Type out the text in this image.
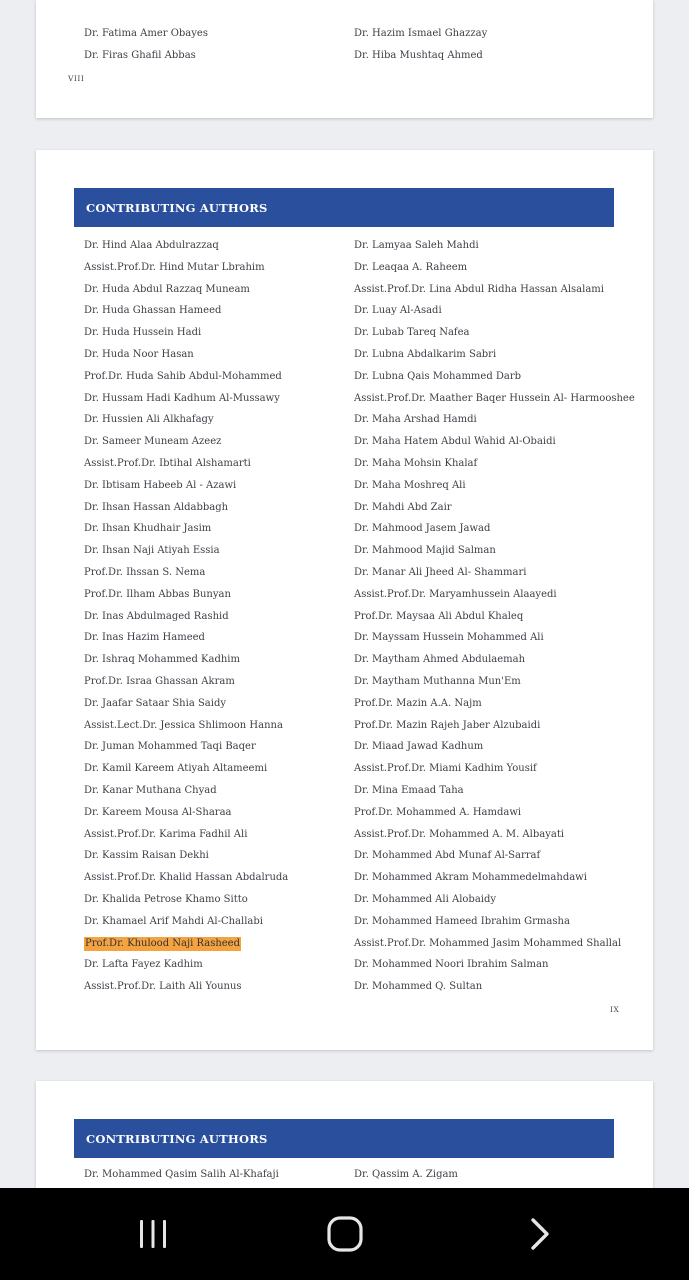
Dr. Fatima Amer Obayes
Dr. Firas Ghafil Abbas
Dr. Hazim Ismael Ghazzay
Dr. Hiba Mushtaq Ahmed
VIII
CONTRIBUTING AUTHORS
Dr. Hind Alaa Abdulrazzaq
Assist.Prof.Dr. Hind Mutar Lbrahim
Dr. Huda Abdul Razzaq Muneam
Dr. Huda Ghassan Hameed
Dr. Huda Hussein Hadi
Dr. Huda Noor Hasan
Prof.Dr. Huda Sahib Abdul-Mohammed
Dr. Hussam Hadi Kadhum Al-Mussawy
Dr. Hussien Ali Alkhafagy
Dr. Sameer Muneam Azeez
Assist.Prof.Dr. Ibtihal Alshamarti
Dr. Ibtisam Habeeb Al - Azawi
Dr. Ihsan Hassan Aldabbagh
Dr. Ihsan Khudhair Jasim
Dr. Ihsan Naji Atiyah Essia
Prof.Dr. Ihssan S. Nema
Prof.Dr. Ilham Abbas Bunyan
Dr. Inas Abdulmaged Rashid
Dr. Inas Hazim Hameed
Dr. Ishraq Mohammed Kadhim
Prof.Dr. Israa Ghassan Akram
Dr. Jaafar Sataar Shia Saidy
Assist.Lect.Dr. Jessica Shlimoon Hanna
Dr. Juman Mohammed Taqi Baqer
Dr. Kamil Kareem Atiyah Altameemi
Dr. Kanar Muthana Chyad
Dr. Kareem Mousa Al-Sharaa
Assist.Prof.Dr. Karima Fadhil Ali
Dr. Kassim Raisan Dekhi
Assist.Prof.Dr. Khalid Hassan Abdalruda
Dr. Khalida Petrose Khamo Sitto
Dr. Khamael Arif Mahdi Al-Challabi
Prof.Dr. Khulood Naji Rasheed
Dr. Lafta Fayez Kadhim
Assist.Prof.Dr. Laith Ali Younus
Dr. Lamyaa Saleh Mahdi
Dr. Leaqaa A. Raheem
Assist.Prof.Dr. Lina Abdul Ridha Hassan Alsalami
Dr. Luay Al-Asadi
Dr. Lubab Tareq Nafea
Dr. Lubna Abdalkarim Sabri
Dr. Lubna Qais Mohammed Darb
Assist.Prof.Dr. Maather Baqer Hussein Al- Harmooshee
Dr. Maha Arshad Hamdi
Dr. Maha Hatem Abdul Wahid Al-Obaidi
Dr. Maha Mohsin Khalaf
Dr. Maha Moshreq Ali
Dr. Mahdi Abd Zair
Dr. Mahmood Jasem Jawad
Dr. Mahmood Majid Salman
Dr. Manar Ali Jheed Al- Shammari
Assist.Prof.Dr. Maryamhussein Alaayedi
Prof.Dr. Maysaa Ali Abdul Khaleq
Dr. Mayssam Hussein Mohammed Ali
Dr. Maytham Ahmed Abdulaemah
Dr. Maytham Muthanna Mun'Em
Prof.Dr. Mazin A.A. Najm
Prof.Dr. Mazin Rajeh Jaber Alzubaidi
Dr. Miaad Jawad Kadhum
Assist.Prof.Dr. Miami Kadhim Yousif
Dr. Mina Emaad Taha
Prof.Dr. Mohammed A. Hamdawi
Assist.Prof.Dr. Mohammed A. M. Albayati
Dr. Mohammed Abd Munaf Al-Sarraf
Dr. Mohammed Akram Mohammedelmahdawi
Dr. Mohammed Ali Alobaidy
Dr. Mohammed Hameed Ibrahim Grmasha
Assist.Prof.Dr. Mohammed Jasim Mohammed Shallal
Dr. Mohammed Noori Ibrahim Salman
Dr. Mohammed Q. Sultan
IX
CONTRIBUTING AUTHORS
Dr. Mohammed Qasim Salih Al-Khafaji	Dr. Qassim A. Zigam
